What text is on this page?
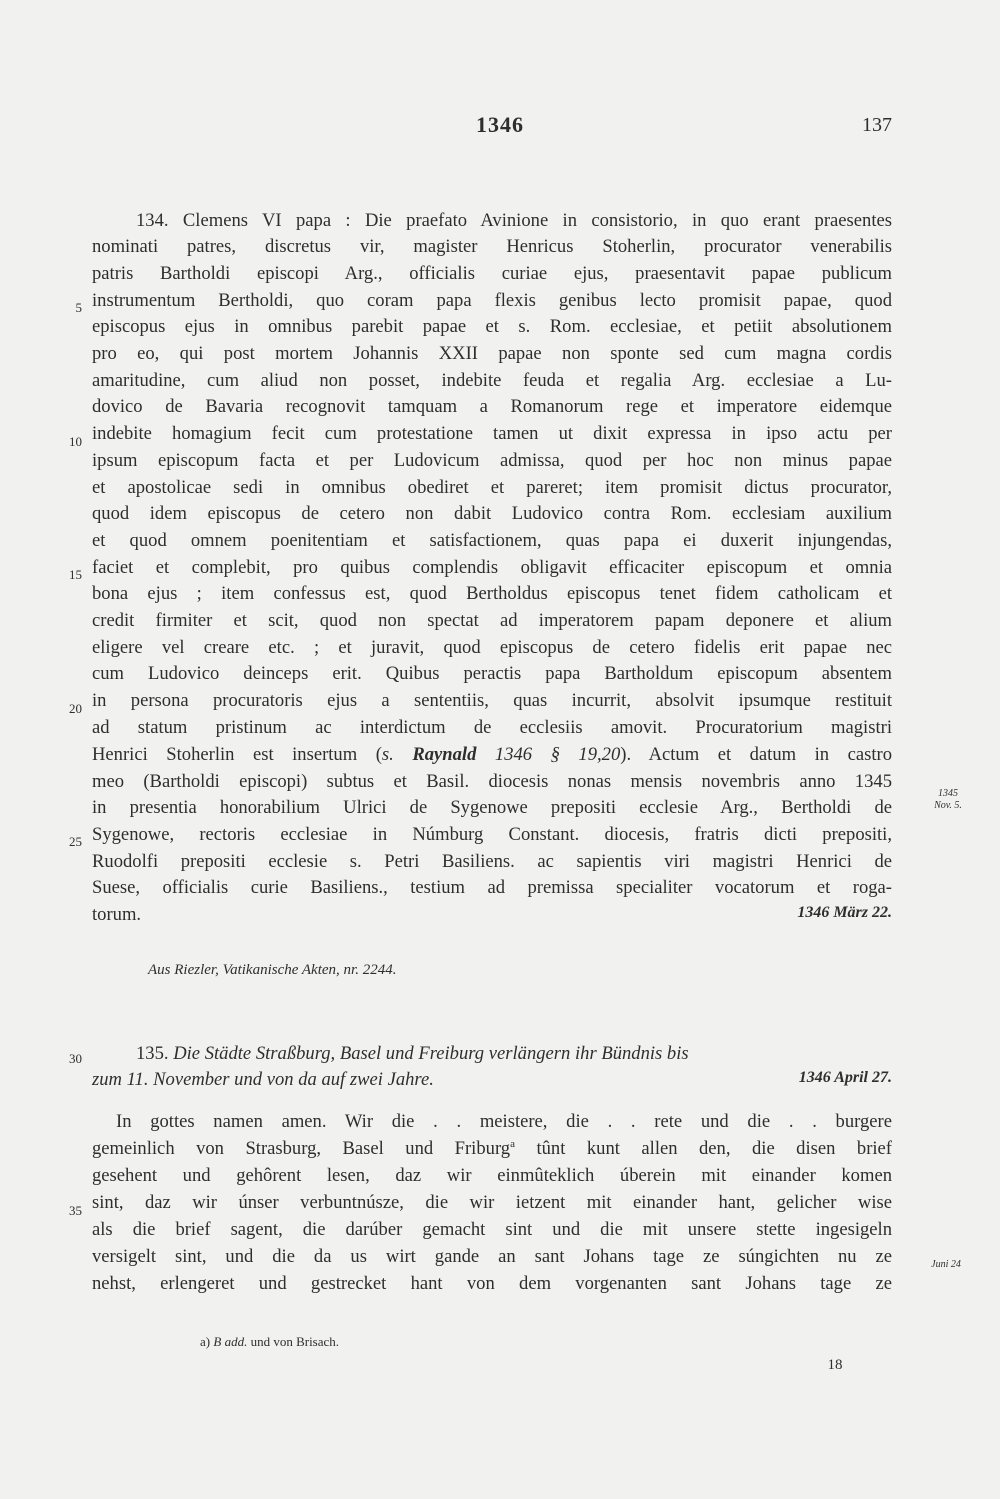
1346	137
134. Clemens VI papa : Die praefato Avinione in consistorio, in quo erant praesentes
nominati patres, discretus vir, magister Henricus Stoherlin, procurator venerabilis
patris Bartholdi episcopi Arg., officialis curiae ejus, praesentavit papae publicum
instrumentum Bertholdi, quo coram papa flexis genibus lecto promisit papae, quod
episcopus ejus in omnibus parebit papae et s. Rom. ecclesiae, et petiit absolutionem
pro eo, qui post mortem Johannis XXII papae non sponte sed cum magna cordis
amaritudine, cum aliud non posset, indebite feuda et regalia Arg. ecclesiae a Lu-
dovico de Bavaria recognovit tamquam a Romanorum rege et imperatore eidemque
indebite homagium fecit cum protestatione tamen ut dixit expressa in ipso actu per
ipsum episcopum facta et per Ludovicum admissa, quod per hoc non minus papae
et apostolicae sedi in omnibus obediret et pareret; item promisit dictus procurator,
quod idem episcopus de cetero non dabit Ludovico contra Rom. ecclesiam auxilium
et quod omnem poenitentiam et satisfactionem, quas papa ei duxerit injungendas,
faciet et complebit, pro quibus complendis obligavit efficaciter episcopum et omnia
bona ejus ; item confessus est, quod Bertholdus episcopus tenet fidem catholicam et
credit firmiter et scit, quod non spectat ad imperatorem papam deponere et alium
eligere vel creare etc. ; et juravit, quod episcopus de cetero fidelis erit papae nec
cum Ludovico deinceps erit. Quibus peractis papa Bartholdum episcopum absentem
in persona procuratoris ejus a sententiis, quas incurrit, absolvit ipsumque restituit
ad statum pristinum ac interdictum de ecclesiis amovit. Procuratorium magistri
Henrici Stoherlin est insertum (s. Raynald 1346 § 19,20). Actum et datum in castro
meo (Bartholdi episcopi) subtus et Basil. diocesis nonas mensis novembris anno 1345
in presentia honorabilium Ulrici de Sygenowe prepositi ecclesie Arg., Bertholdi de
Sygenowe, rectoris ecclesiae in Númburg Constant. diocesis, fratris dicti prepositi,
Ruodolfi prepositi ecclesie s. Petri Basiliens. ac sapientis viri magistri Henrici de
Suese, officialis curie Basiliens., testium ad premissa specialiter vocatorum et roga-
torum.	1346 März 22.
Aus Riezler, Vatikanische Akten, nr. 2244.
1345
Nov. 5.
135. Die Städte Straßburg, Basel und Freiburg verlängern ihr Bündnis bis
zum 11. November und von da auf zwei Jahre.	1346 April 27.
In gottes namen amen. Wir die . . meistere, die . . rete und die . . burgere
gemeinlich von Strasburg, Basel und Friburg$^a$ tûnt kunt allen den, die disen brief
gesehent und gehôrent lesen, daz wir einmûteklich úberein mit einander komen
sint, daz wir únser verbuntnúsze, die wir ietzent mit einander hant, gelicher wise
als die brief sagent, die darúber gemacht sint und die mit unsere stette ingesigeln
versigelt sint, und die da us wirt gande an sant Johans tage ze súngichten nu ze
nehst, erlengeret und gestrecket hant von dem vorgenanten sant Johans tage ze
Juni 24
5
10
15
20
25
30
35
a) B add. und von Brisach.
18
